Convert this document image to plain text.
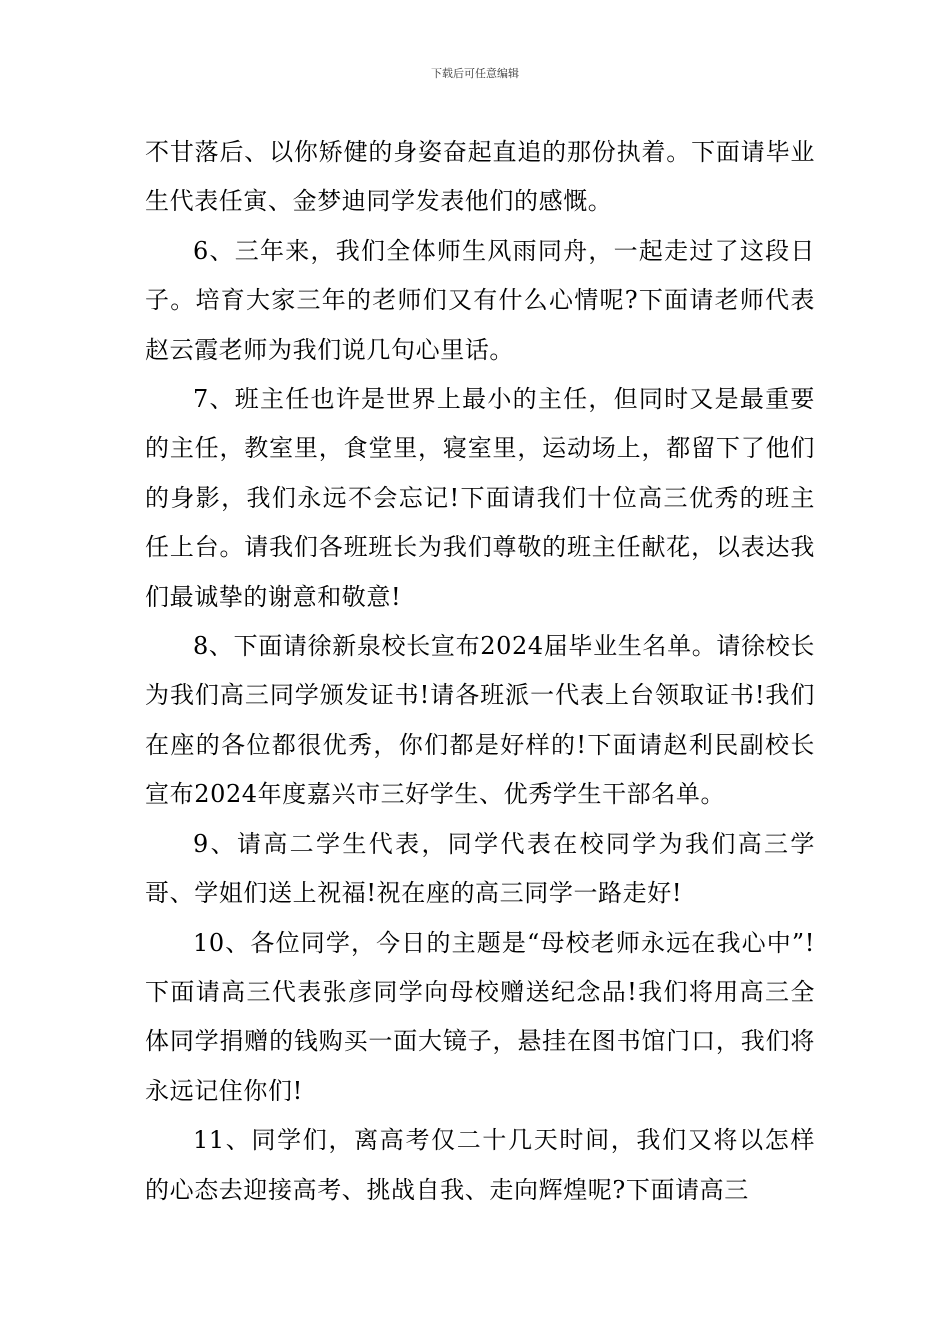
下载后可任意编辑

不甘落后、以你矫健的身姿奋起直追的那份执着。下面请毕业生代表任寅、金梦迪同学发表他们的感慨。

6、三年来，我们全体师生风雨同舟，一起走过了这段日子。培育大家三年的老师们又有什么心情呢?下面请老师代表赵云霞老师为我们说几句心里话。

7、班主任也许是世界上最小的主任，但同时又是最重要的主任，教室里，食堂里，寝室里，运动场上，都留下了他们的身影，我们永远不会忘记!下面请我们十位高三优秀的班主任上台。请我们各班班长为我们尊敬的班主任献花，以表达我们最诚挚的谢意和敬意!

8、下面请徐新泉校长宣布2024届毕业生名单。请徐校长为我们高三同学颁发证书!请各班派一代表上台领取证书!我们在座的各位都很优秀，你们都是好样的!下面请赵利民副校长宣布2024年度嘉兴市三好学生、优秀学生干部名单。

9、请高二学生代表，同学代表在校同学为我们高三学哥、学姐们送上祝福!祝在座的高三同学一路走好!

10、各位同学，今日的主题是“母校老师永远在我心中”!下面请高三代表张彦同学向母校赠送纪念品!我们将用高三全体同学捐赠的钱购买一面大镜子，悬挂在图书馆门口，我们将永远记住你们!

11、同学们，离高考仅二十几天时间，我们又将以怎样的心态去迎接高考、挑战自我、走向辉煌呢?下面请高三
